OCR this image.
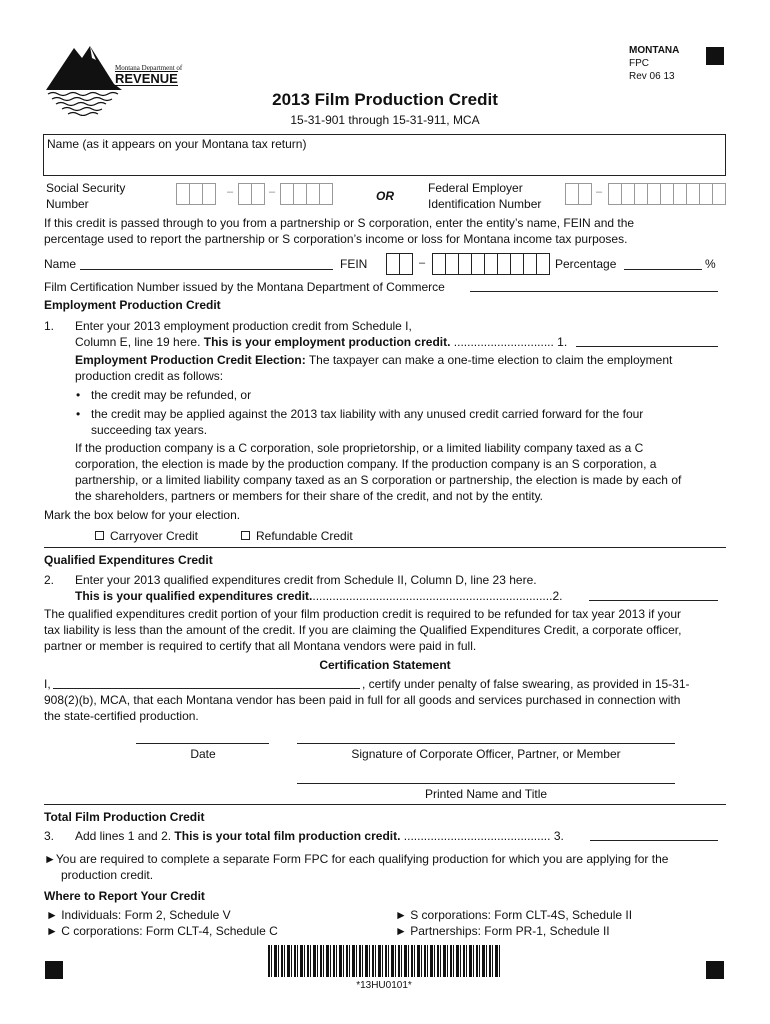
Montana Department of
REVENUE
MONTANA
FPC
Rev 06 13
2013 Film Production Credit
15-31-901 through 15-31-911, MCA
Name (as it appears on your Montana tax return)
Social Security
Number
–	–	OR
Federal Employer
Identification Number
–
If this credit is passed through to you from a partnership or S corporation, enter the entity’s name, FEIN and the
percentage used to report the partnership or S corporation’s income or loss for Montana income tax purposes.
Name	FEIN	–	Percentage	%
Film Certification Number issued by the Montana Department of Commerce
Employment Production Credit
1. Enter your 2013 employment production credit from Schedule I,
Column E, line 19 here. This is your employment production credit. .............................. 1.
Employment Production Credit Election: The taxpayer can make a one-time election to claim the employment
production credit as follows:
• the credit may be refunded, or
• the credit may be applied against the 2013 tax liability with any unused credit carried forward for the four
succeeding tax years.
If the production company is a C corporation, sole proprietorship, or a limited liability company taxed as a C
corporation, the election is made by the production company. If the production company is an S corporation, a
partnership, or a limited liability company taxed as an S corporation or partnership, the election is made by each of
the shareholders, partners or members for their share of the credit, and not by the entity.
Mark the box below for your election.
Carryover Credit	Refundable Credit
Qualified Expenditures Credit
2. Enter your 2013 qualified expenditures credit from Schedule II, Column D, line 23 here.
This is your qualified expenditures credit.........................................................................2.
The qualified expenditures credit portion of your film production credit is required to be refunded for tax year 2013 if your
tax liability is less than the amount of the credit. If you are claiming the Qualified Expenditures Credit, a corporate officer,
partner or member is required to certify that all Montana vendors were paid in full.
Certification Statement
I,	, certify under penalty of false swearing, as provided in 15-31-
908(2)(b), MCA, that each Montana vendor has been paid in full for all goods and services purchased in connection with
the state-certified production.
Date	Signature of Corporate Officer, Partner, or Member
Printed Name and Title
Total Film Production Credit
3. Add lines 1 and 2. This is your total film production credit. ............................................ 3.
►You are required to complete a separate Form FPC for each qualifying production for which you are applying for the
production credit.
Where to Report Your Credit
► Individuals: Form 2, Schedule V
► C corporations: Form CLT-4, Schedule C
► S corporations: Form CLT-4S, Schedule II
► Partnerships: Form PR-1, Schedule II
*13HU0101*
